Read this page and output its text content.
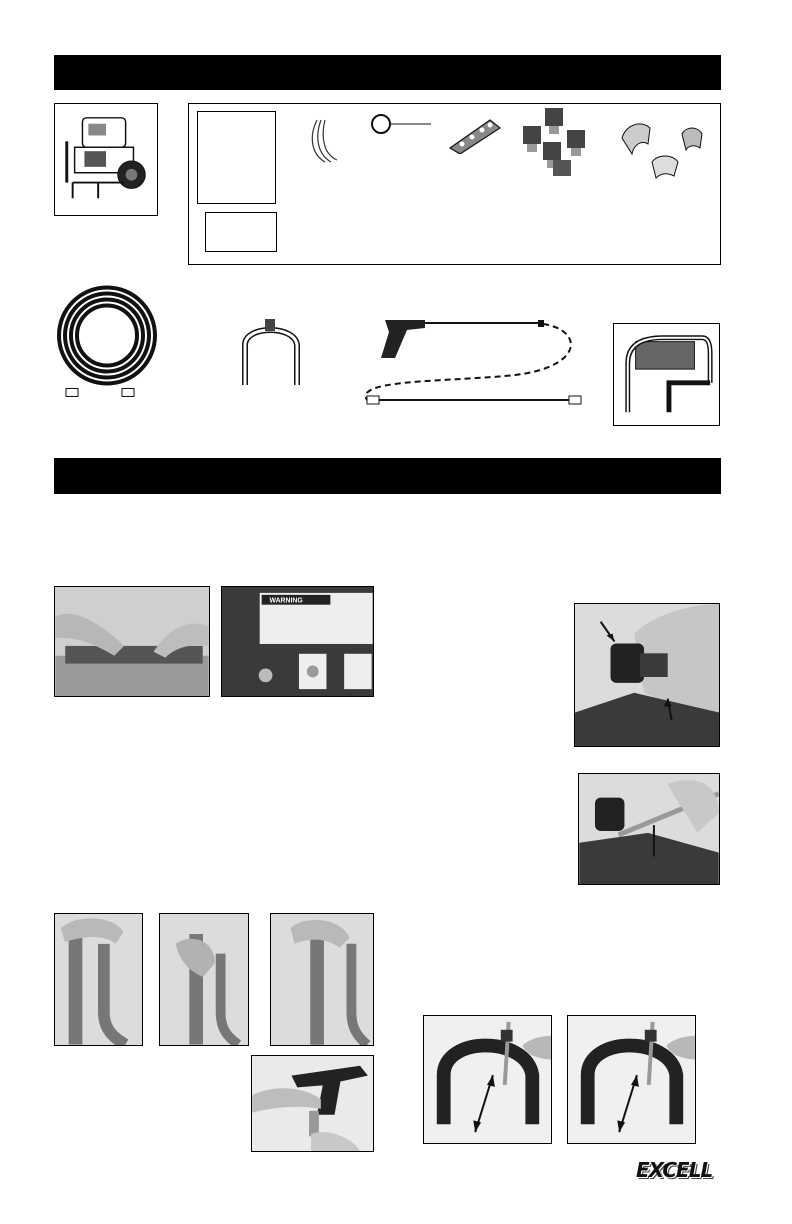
WARNING
EXCELL
